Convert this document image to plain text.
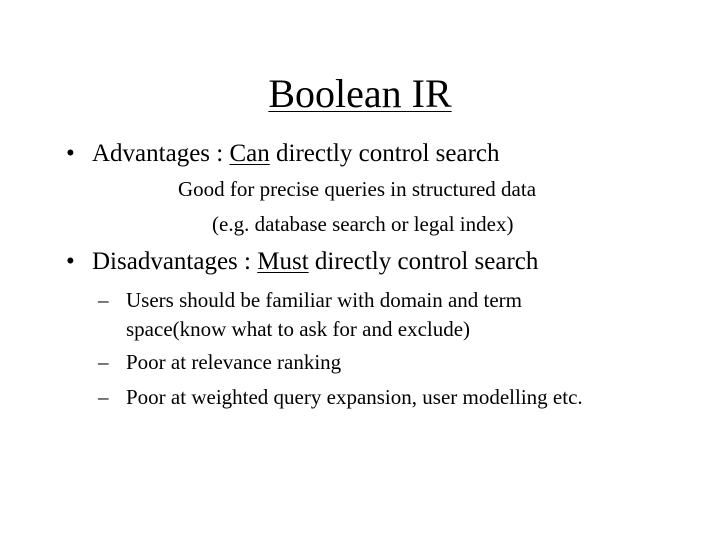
Boolean IR
• Advantages : Can directly control search
Good for precise queries in structured data
(e.g. database search or legal index)
• Disadvantages : Must directly control search
– Users should be familiar with domain and term
space(know what to ask for and exclude)
– Poor at relevance ranking
– Poor at weighted query expansion, user modelling etc.
